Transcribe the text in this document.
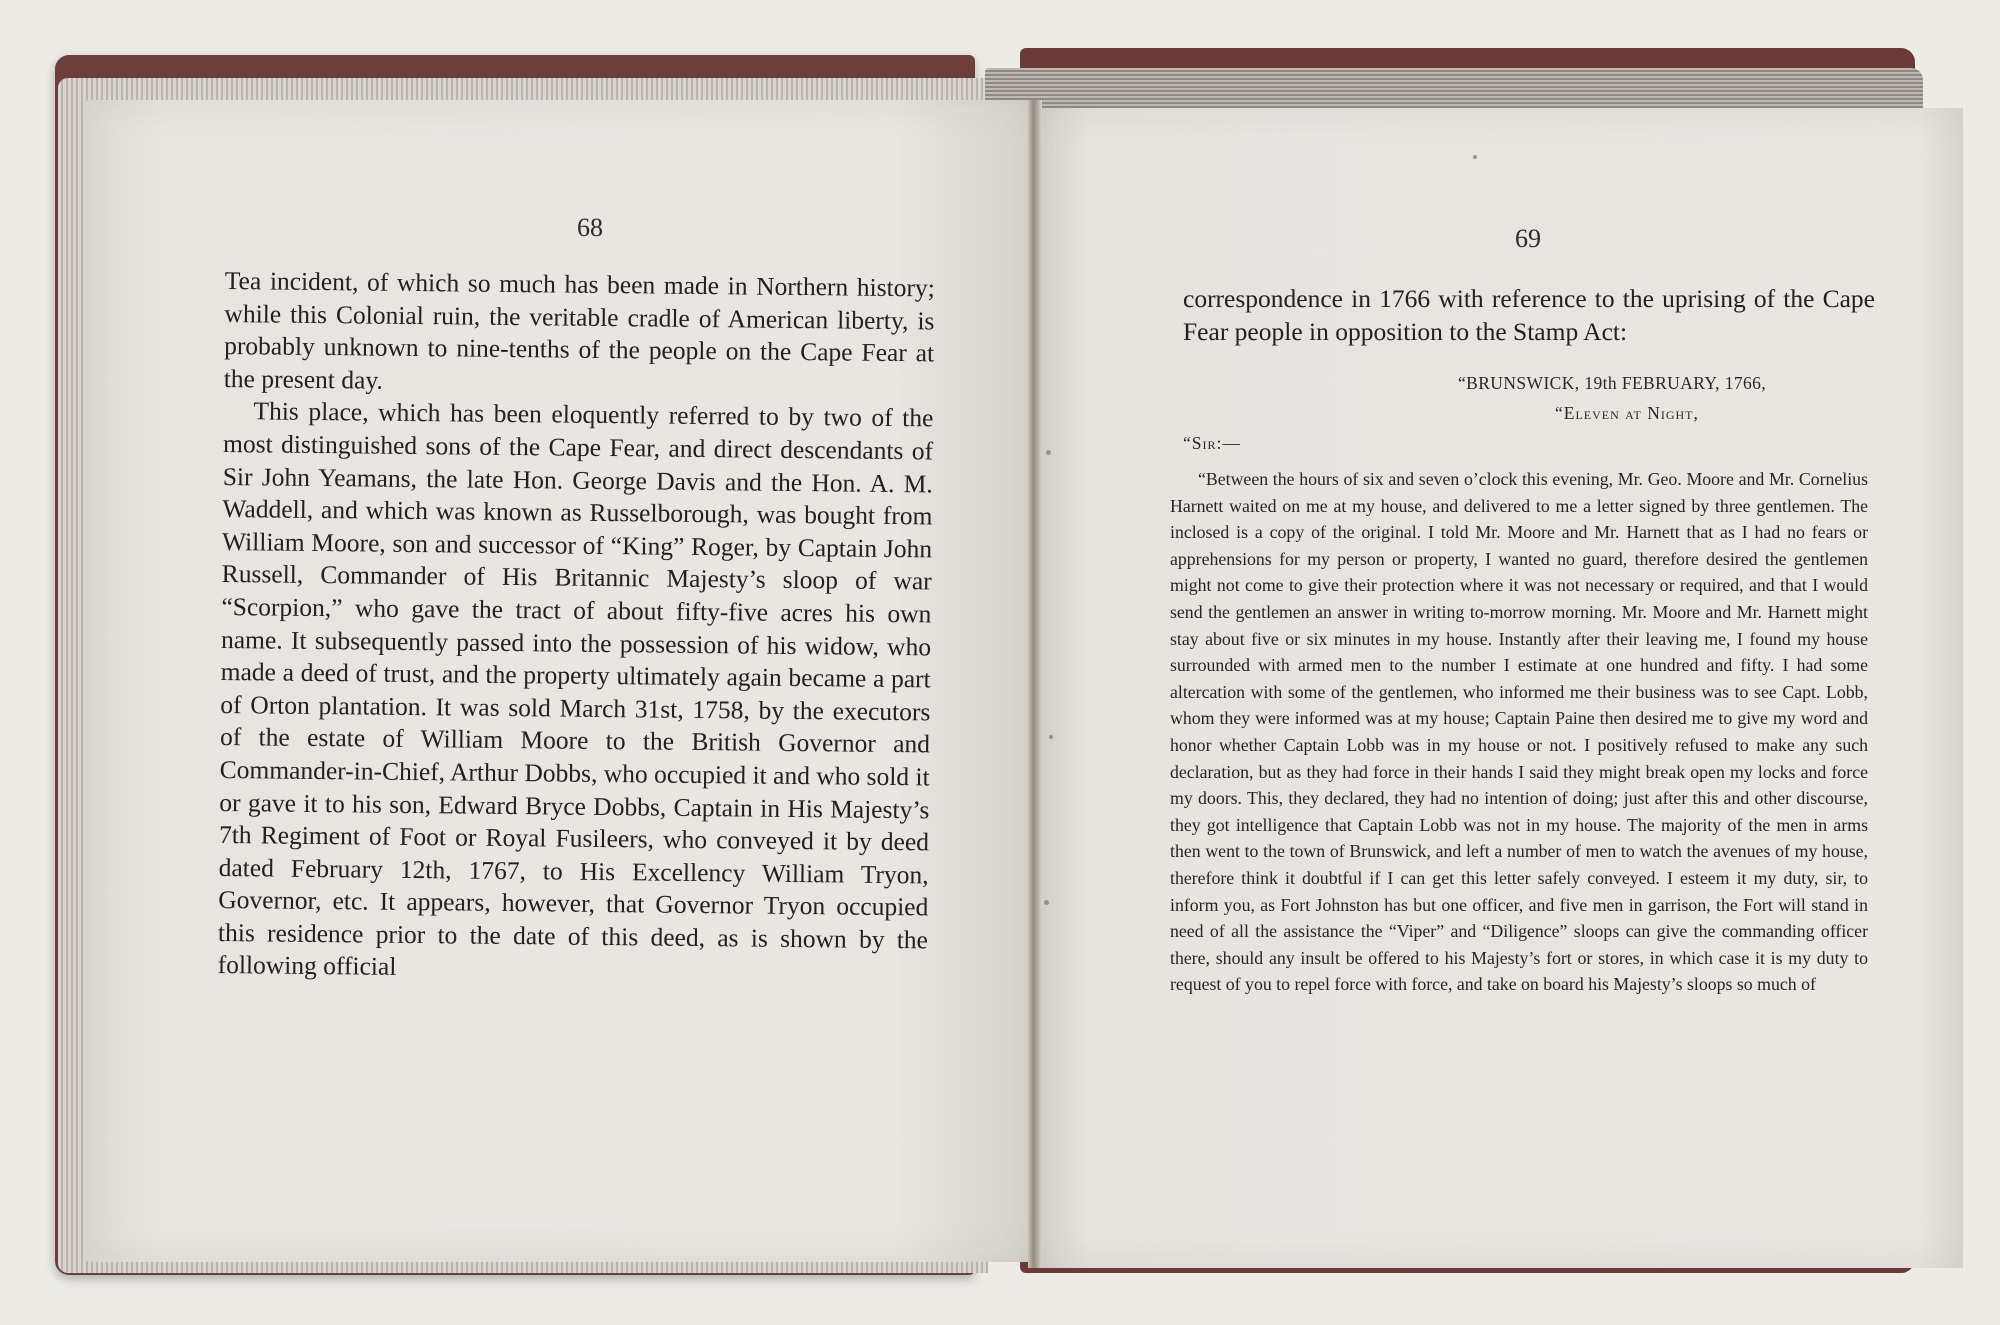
68

Tea incident, of which so much has been made in Northern history; while this Colonial ruin, the veritable cradle of American liberty, is probably unknown to nine-tenths of the people on the Cape Fear at the present day.

This place, which has been eloquently referred to by two of the most distinguished sons of the Cape Fear, and direct descendants of Sir John Yeamans, the late Hon. George Davis and the Hon. A. M. Waddell, and which was known as Russelborough, was bought from William Moore, son and successor of “King” Roger, by Captain John Russell, Commander of His Britannic Majesty’s sloop of war “Scorpion,” who gave the tract of about fifty-five acres his own name. It subsequently passed into the possession of his widow, who made a deed of trust, and the property ultimately again became a part of Orton plantation. It was sold March 31st, 1758, by the executors of the estate of William Moore to the British Governor and Commander-in-Chief, Arthur Dobbs, who occupied it and who sold it or gave it to his son, Edward Bryce Dobbs, Captain in His Majesty’s 7th Regiment of Foot or Royal Fusileers, who conveyed it by deed dated February 12th, 1767, to His Excellency William Tryon, Governor, etc. It appears, however, that Governor Tryon occupied this residence prior to the date of this deed, as is shown by the following official

69
correspondence in 1766 with reference to the uprising of the Cape Fear people in opposition to the Stamp Act:
“BRUNSWICK, 19th FEBRUARY, 1766,
“Eleven at Night,
“Sir:—

“Between the hours of six and seven o’clock this evening, Mr. Geo. Moore and Mr. Cornelius Harnett waited on me at my house, and delivered to me a letter signed by three gentlemen. The inclosed is a copy of the original. I told Mr. Moore and Mr. Harnett that as I had no fears or apprehensions for my person or property, I wanted no guard, therefore desired the gentlemen might not come to give their protection where it was not necessary or required, and that I would send the gentlemen an answer in writing to-morrow morning. Mr. Moore and Mr. Harnett might stay about five or six minutes in my house. Instantly after their leaving me, I found my house surrounded with armed men to the number I estimate at one hundred and fifty. I had some altercation with some of the gentlemen, who informed me their business was to see Capt. Lobb, whom they were informed was at my house; Captain Paine then desired me to give my word and honor whether Captain Lobb was in my house or not. I positively refused to make any such declaration, but as they had force in their hands I said they might break open my locks and force my doors. This, they declared, they had no intention of doing; just after this and other discourse, they got intelligence that Captain Lobb was not in my house. The majority of the men in arms then went to the town of Brunswick, and left a number of men to watch the avenues of my house, therefore think it doubtful if I can get this letter safely conveyed. I esteem it my duty, sir, to inform you, as Fort Johnston has but one officer, and five men in garrison, the Fort will stand in need of all the assistance the “Viper” and “Diligence” sloops can give the commanding officer there, should any insult be offered to his Majesty’s fort or stores, in which case it is my duty to request of you to repel force with force, and take on board his Majesty’s sloops so much of
